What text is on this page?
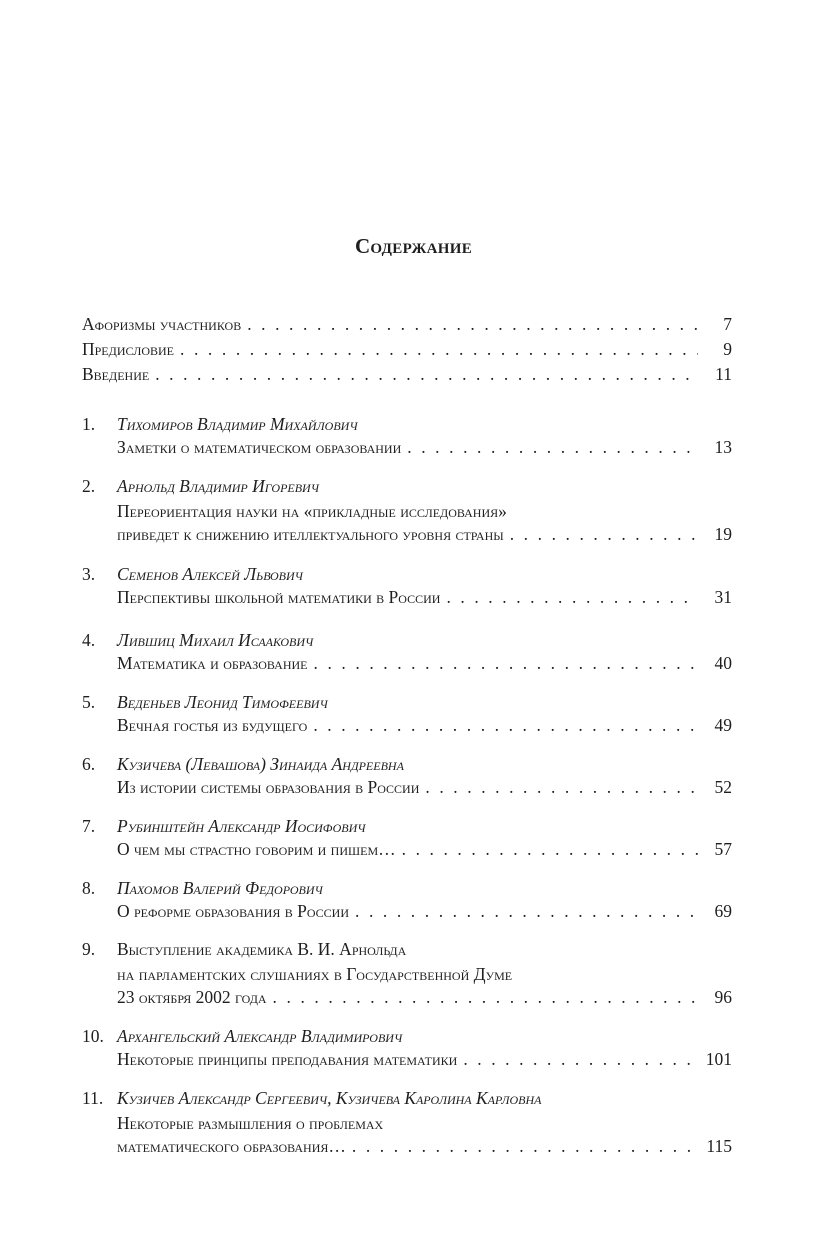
Содержание
Афоризмы участников . . .	7
Предисловие . . .	9
Введение . . .	11
1. Тихомиров Владимир Михайлович
Заметки о математическом образовании . . .	13
2. Арнольд Владимир Игоревич
Переориентация науки на «прикладные исследования»
приведет к снижению ителлектуального уровня страны . . .	19
3. Семенов Алексей Львович
Перспективы школьной математики в России . . .	31
4. Лившиц Михаил Исаакович
Математика и образование . . .	40
5. Веденьев Леонид Тимофеевич
Вечная гостья из будущего . . .	49
6. Кузичева (Левашова) Зинаида Андреевна
Из истории системы образования в России . . .	52
7. Рубинштейн Александр Иосифович
О чем мы страстно говорим и пишем… . . .	57
8. Пахомов Валерий Федорович
О реформе образования в России . . .	69
9. Выступление академика В. И. Арнольда
на парламентских слушаниях в Государственной Думе
23 октября 2002 года . . .	96
10. Архангельский Александр Владимирович
Некоторые принципы преподавания математики . . .	101
11. Кузичев Александр Сергеевич, Кузичева Каролина Карловна
Некоторые размышления о проблемах
математического образования… . . .	115
